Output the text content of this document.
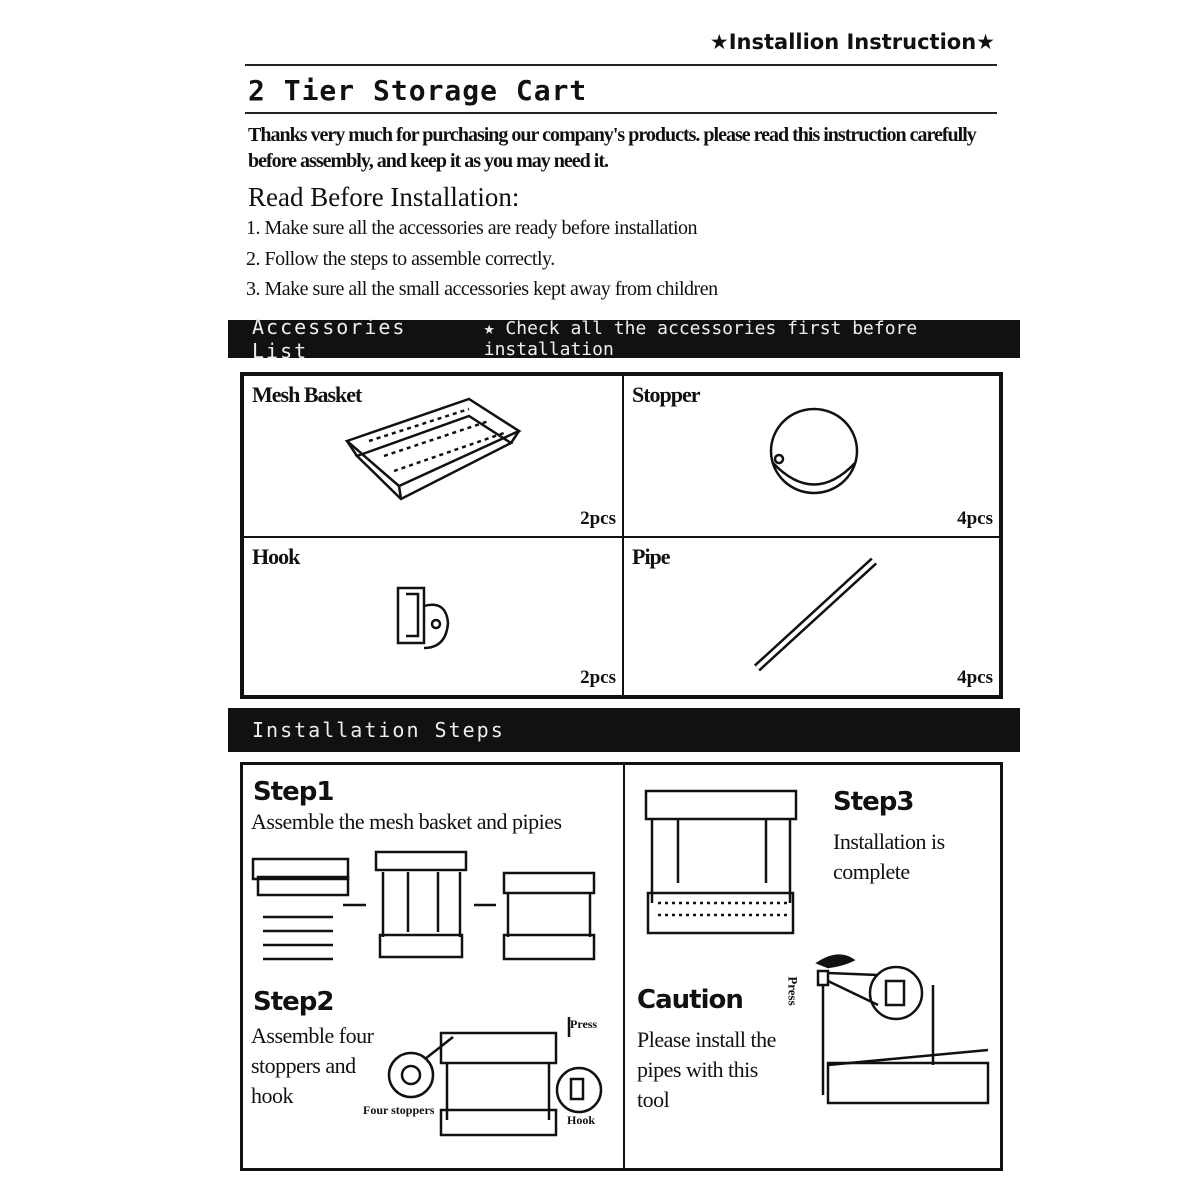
★Installion Instruction★
2 Tier Storage Cart
Thanks very much for purchasing our company's products. please read this instruction carefully before assembly, and keep it as you may need it.
Read Before Installation:
1. Make sure all the accessories are ready before installation
2. Follow the steps to assemble correctly.
3. Make sure all the small accessories kept away from children
Accessories List
★ Check all the accessories first before installation
Mesh Basket
2pcs
Stopper
4pcs
Hook
2pcs
Pipe
4pcs
Installation Steps
Step1
Assemble the mesh basket and pipies
Step2
Assemble four stoppers and hook
Press
Four stoppers
Hook
Step3
Installation is complete
Caution
Please install the pipes with this tool
Press
